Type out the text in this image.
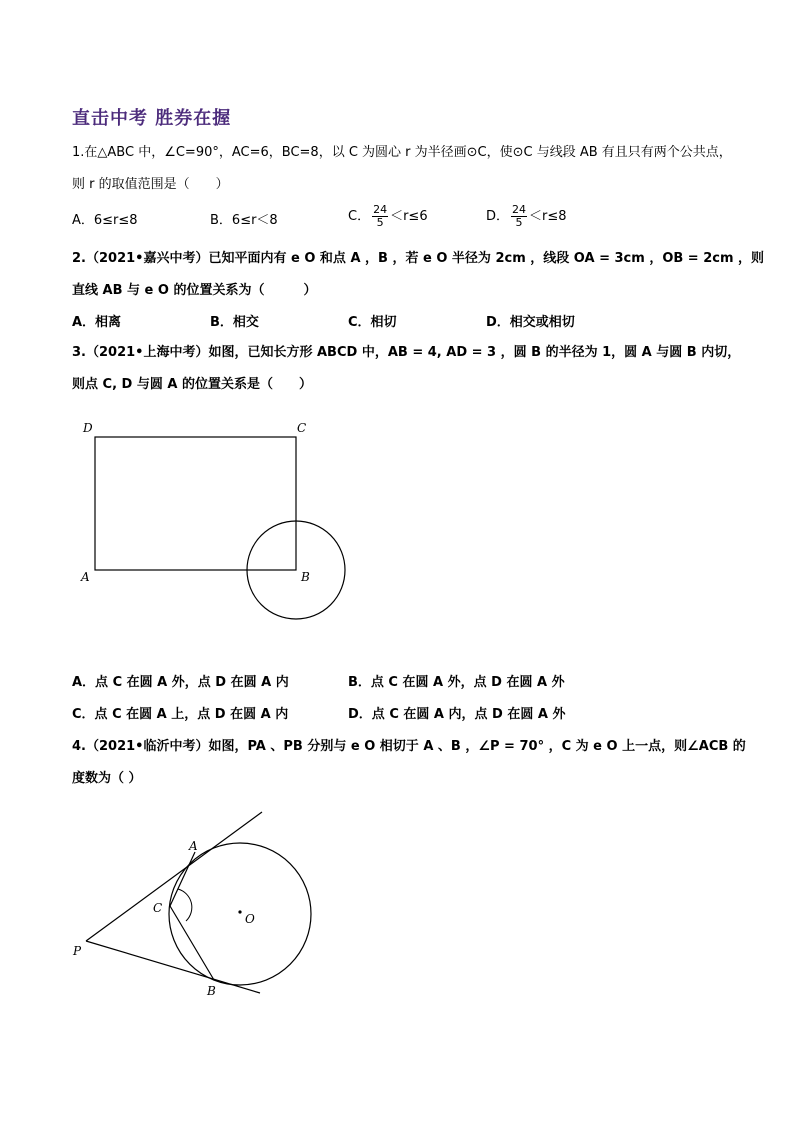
直击中考 胜券在握
1.在△ABC 中，∠C=90°，AC=6，BC=8，以 C 为圆心 r 为半径画⊙C，使⊙C 与线段 AB 有且只有两个公共点，
则 r 的取值范围是（　　）
A．6≤r≤8	B．6≤r＜8	C． $\frac{24}{5} <r\le 6$	D． $\frac{24}{5} <r\le 8$
2.（2021•嘉兴中考）已知平面内有 e O 和点 A ，B ，若 e O 半径为 2cm ，线段 OA = 3cm ，OB = 2cm ，则
直线 AB 与 e O 的位置关系为（　　　）
A．相离	B．相交	C．相切	D．相交或相切
3.（2021•上海中考）如图，已知长方形 ABCD 中，AB = 4, AD = 3 ，圆 B 的半径为 1，圆 A 与圆 B 内切，
则点 C, D 与圆 A 的位置关系是（　　）
D	C
A	B
A．点 C 在圆 A 外，点 D 在圆 A 内	B．点 C 在圆 A 外，点 D 在圆 A 外
C．点 C 在圆 A 上，点 D 在圆 A 内	D．点 C 在圆 A 内，点 D 在圆 A 外
4.（2021•临沂中考）如图，PA 、PB 分别与 e O 相切于 A 、B ，∠P = 70° ，C 为 e O 上一点，则∠ACB 的
度数为（ ）
A
B
C
O
P
